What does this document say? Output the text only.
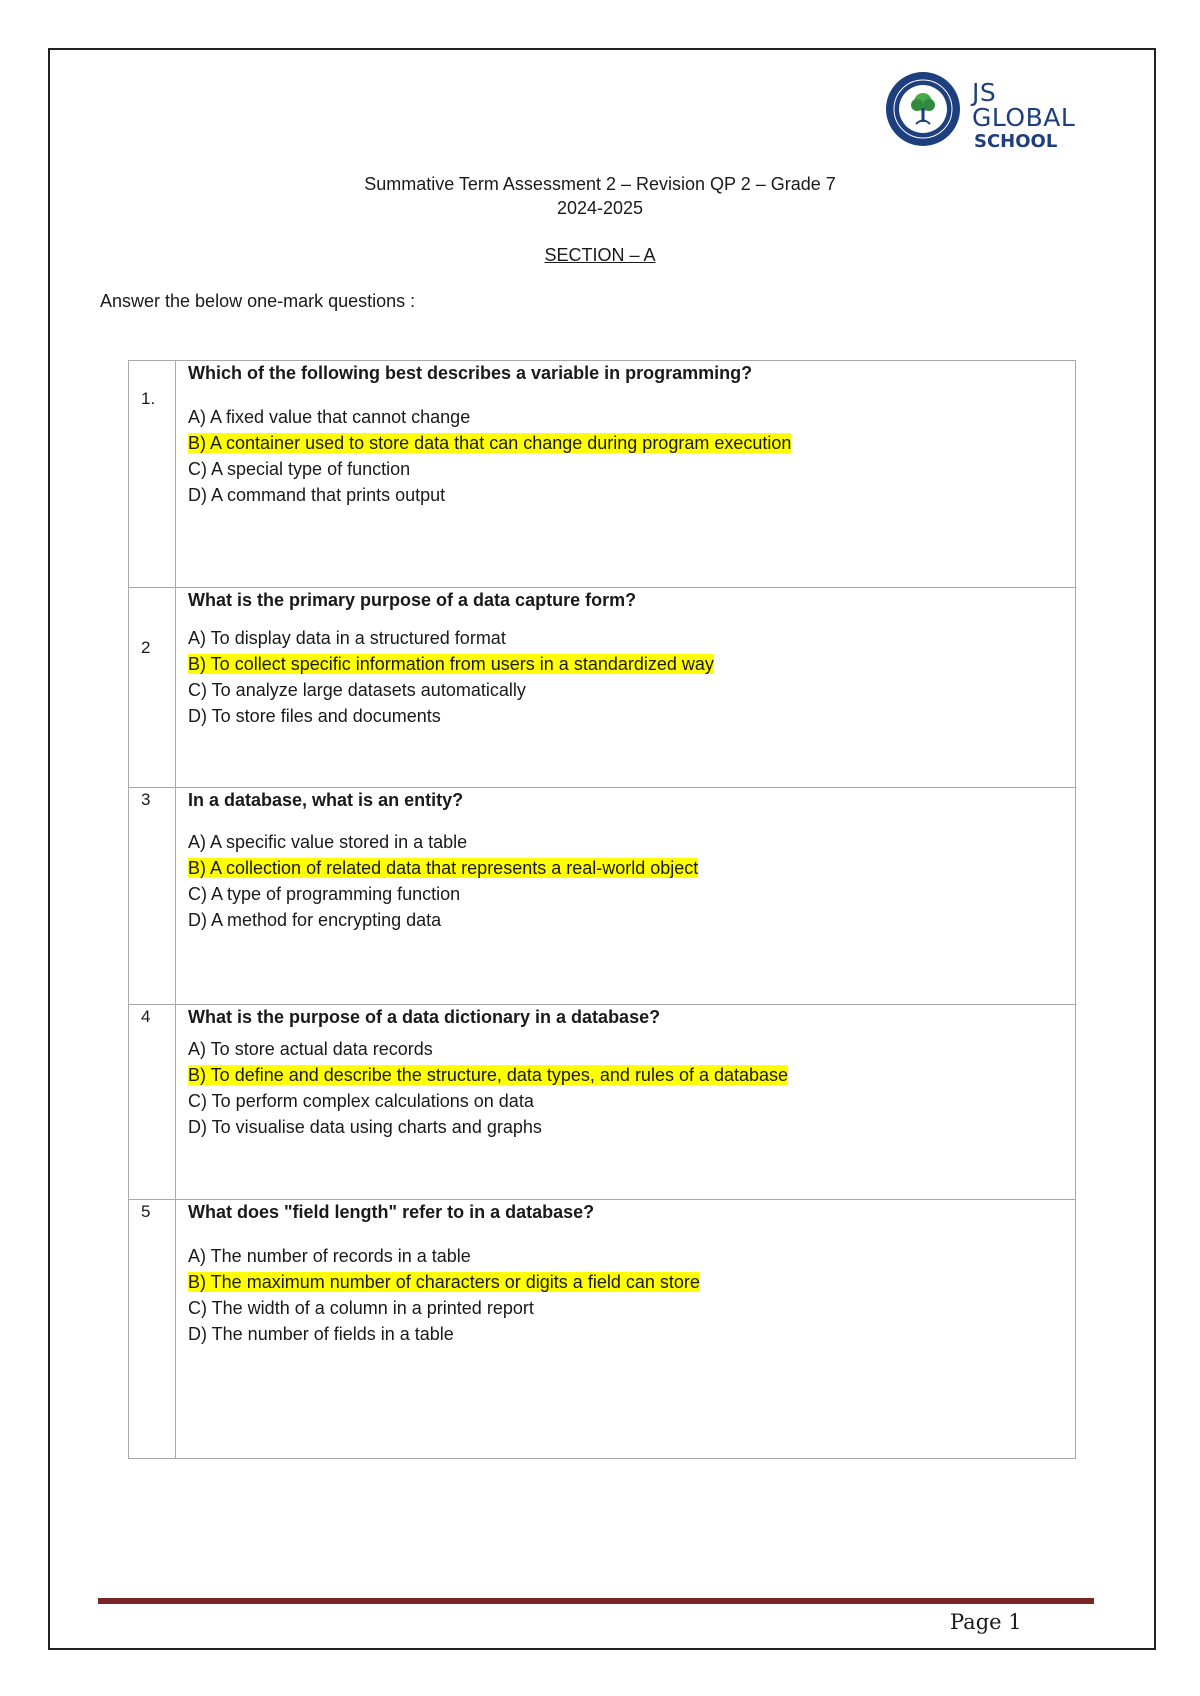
JS GLOBAL
SCHOOL
Summative Term Assessment 2 – Revision QP 2 – Grade 7
2024-2025
SECTION – A
Answer the below one-mark questions :
1.	Which of the following best describes a variable in programming?
A) A fixed value that cannot change
B) A container used to store data that can change during program execution
C) A special type of function
D) A command that prints output

2	What is the primary purpose of a data capture form?
A) To display data in a structured format
B) To collect specific information from users in a standardized way
C) To analyze large datasets automatically
D) To store files and documents

3	In a database, what is an entity?
A) A specific value stored in a table
B) A collection of related data that represents a real-world object
C) A type of programming function
D) A method for encrypting data

4	What is the purpose of a data dictionary in a database?
A) To store actual data records
B) To define and describe the structure, data types, and rules of a database
C) To perform complex calculations on data
D) To visualise data using charts and graphs

5	What does "field length" refer to in a database?
A) The number of records in a table
B) The maximum number of characters or digits a field can store
C) The width of a column in a printed report
D) The number of fields in a table
Page 1
